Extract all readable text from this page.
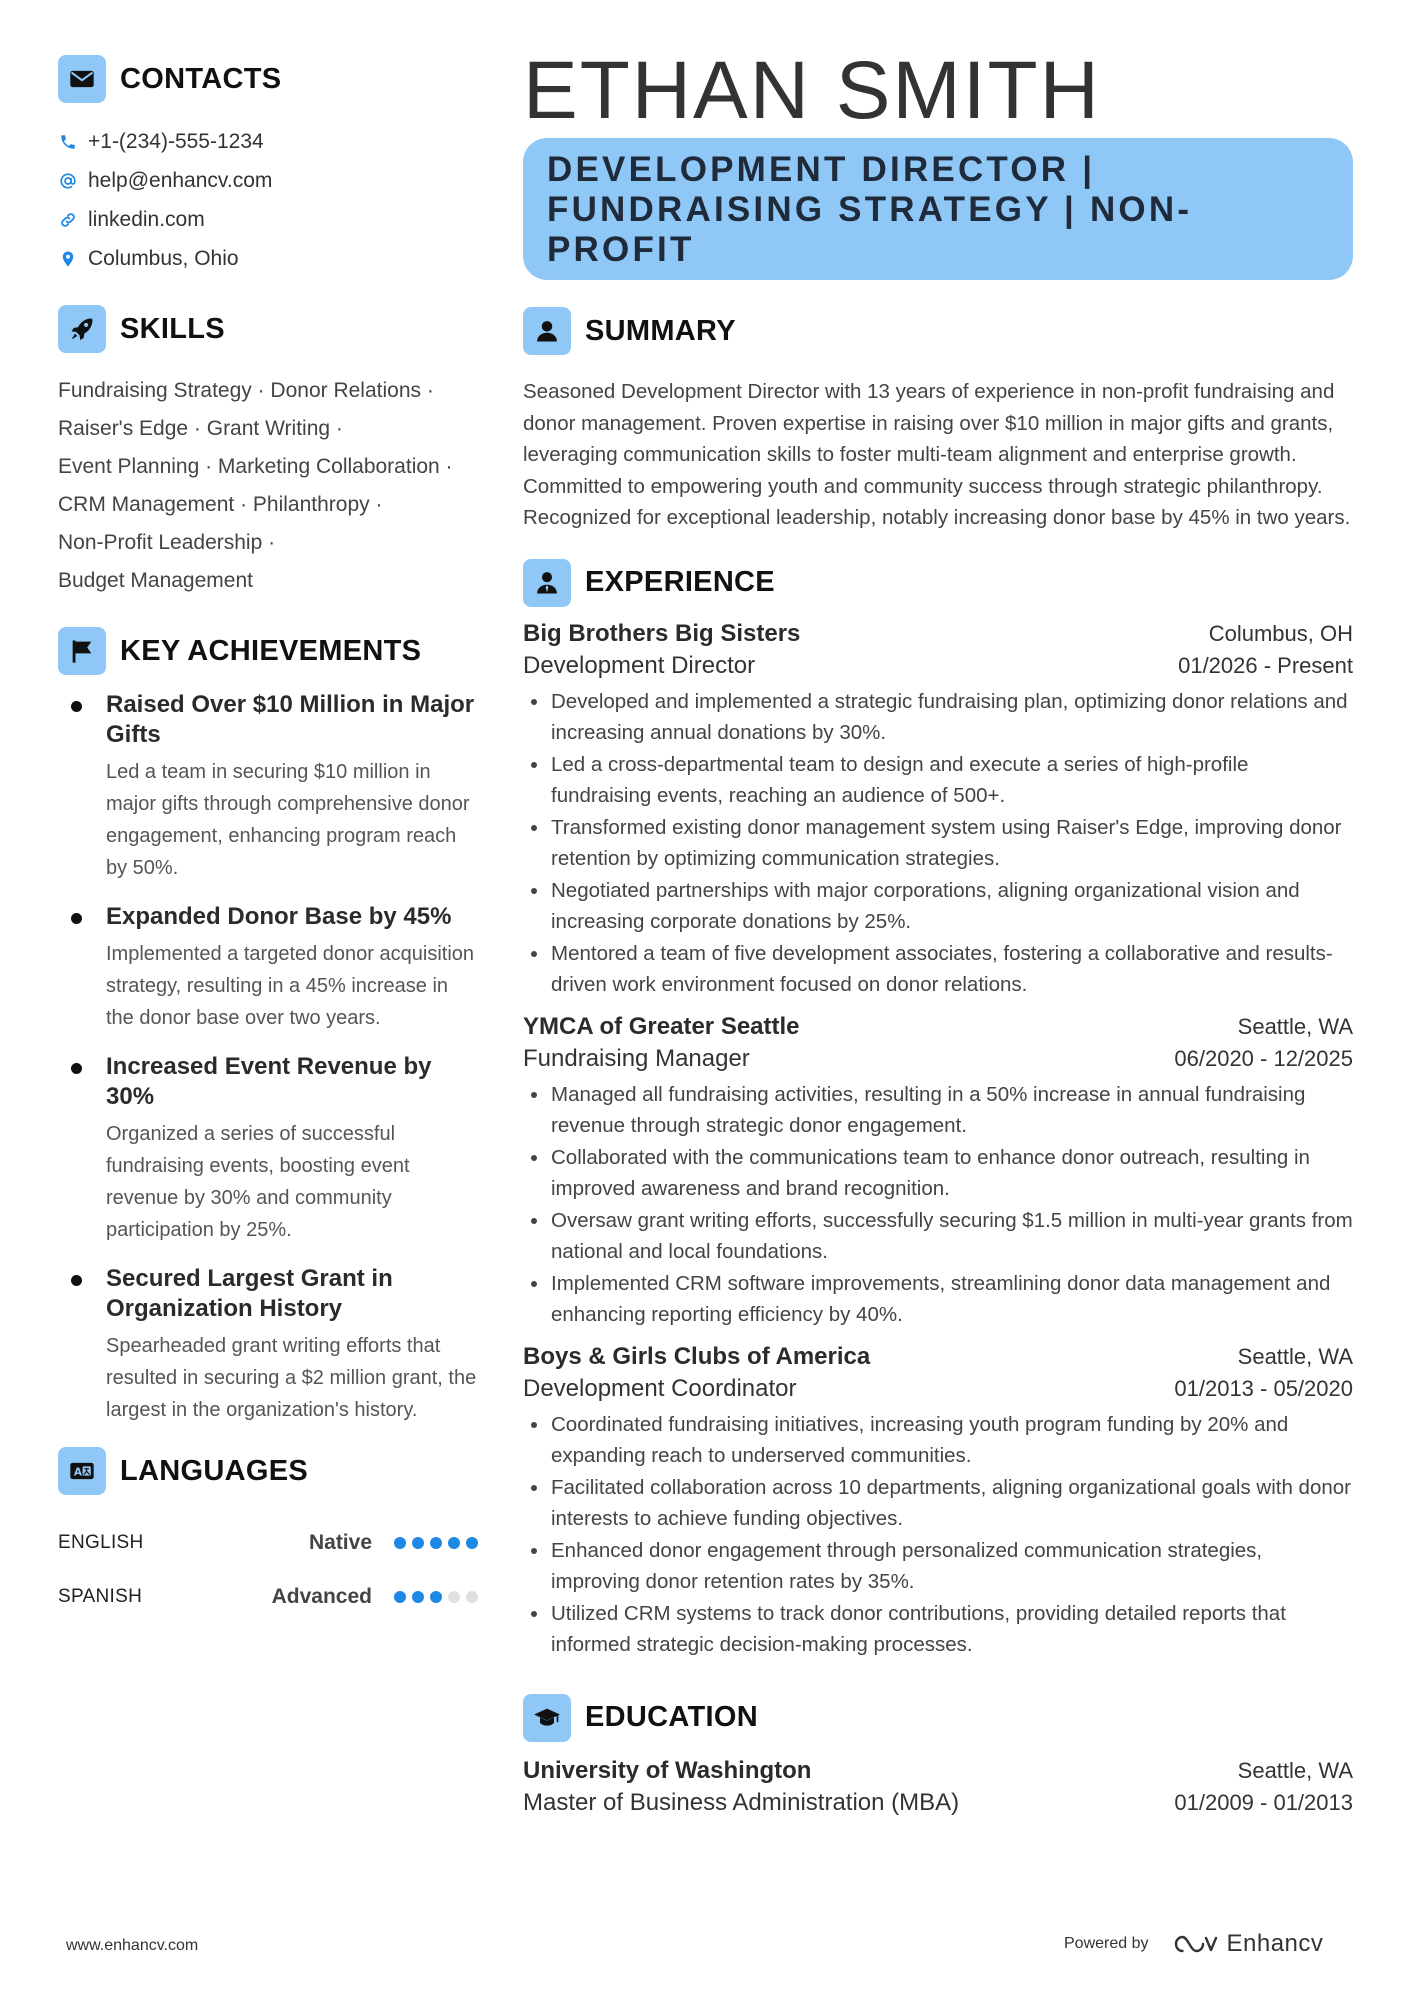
CONTACTS
+1-(234)-555-1234
help@enhancv.com
linkedin.com
Columbus, Ohio
SKILLS
Fundraising Strategy · Donor Relations ·
Raiser's Edge · Grant Writing ·
Event Planning · Marketing Collaboration ·
CRM Management · Philanthropy ·
Non-Profit Leadership ·
Budget Management
KEY ACHIEVEMENTS
Raised Over $10 Million in Major Gifts
Led a team in securing $10 million in major gifts through comprehensive donor engagement, enhancing program reach by 50%.
Expanded Donor Base by 45%
Implemented a targeted donor acquisition strategy, resulting in a 45% increase in the donor base over two years.
Increased Event Revenue by 30%
Organized a series of successful fundraising events, boosting event revenue by 30% and community participation by 25%.
Secured Largest Grant in Organization History
Spearheaded grant writing efforts that resulted in securing a $2 million grant, the largest in the organization's history.
A LANGUAGES
ENGLISH	Native
SPANISH	Advanced
ETHAN SMITH
DEVELOPMENT DIRECTOR | FUNDRAISING STRATEGY | NON-PROFIT
SUMMARY
Seasoned Development Director with 13 years of experience in non-profit fundraising and donor management. Proven expertise in raising over $10 million in major gifts and grants, leveraging communication skills to foster multi-team alignment and enterprise growth. Committed to empowering youth and community success through strategic philanthropy. Recognized for exceptional leadership, notably increasing donor base by 45% in two years.
EXPERIENCE
Big Brothers Big Sisters	Columbus, OH
Development Director	01/2026 - Present
Developed and implemented a strategic fundraising plan, optimizing donor relations and increasing annual donations by 30%.
Led a cross-departmental team to design and execute a series of high-profile fundraising events, reaching an audience of 500+.
Transformed existing donor management system using Raiser's Edge, improving donor retention by optimizing communication strategies.
Negotiated partnerships with major corporations, aligning organizational vision and increasing corporate donations by 25%.
Mentored a team of five development associates, fostering a collaborative and results-driven work environment focused on donor relations.
YMCA of Greater Seattle	Seattle, WA
Fundraising Manager	06/2020 - 12/2025
Managed all fundraising activities, resulting in a 50% increase in annual fundraising revenue through strategic donor engagement.
Collaborated with the communications team to enhance donor outreach, resulting in improved awareness and brand recognition.
Oversaw grant writing efforts, successfully securing $1.5 million in multi-year grants from national and local foundations.
Implemented CRM software improvements, streamlining donor data management and enhancing reporting efficiency by 40%.
Boys & Girls Clubs of America	Seattle, WA
Development Coordinator	01/2013 - 05/2020
Coordinated fundraising initiatives, increasing youth program funding by 20% and expanding reach to underserved communities.
Facilitated collaboration across 10 departments, aligning organizational goals with donor interests to achieve funding objectives.
Enhanced donor engagement through personalized communication strategies, improving donor retention rates by 35%.
Utilized CRM systems to track donor contributions, providing detailed reports that informed strategic decision-making processes.
EDUCATION
University of Washington	Seattle, WA
Master of Business Administration (MBA)	01/2009 - 01/2013
www.enhancv.com	Powered by	Enhancv
